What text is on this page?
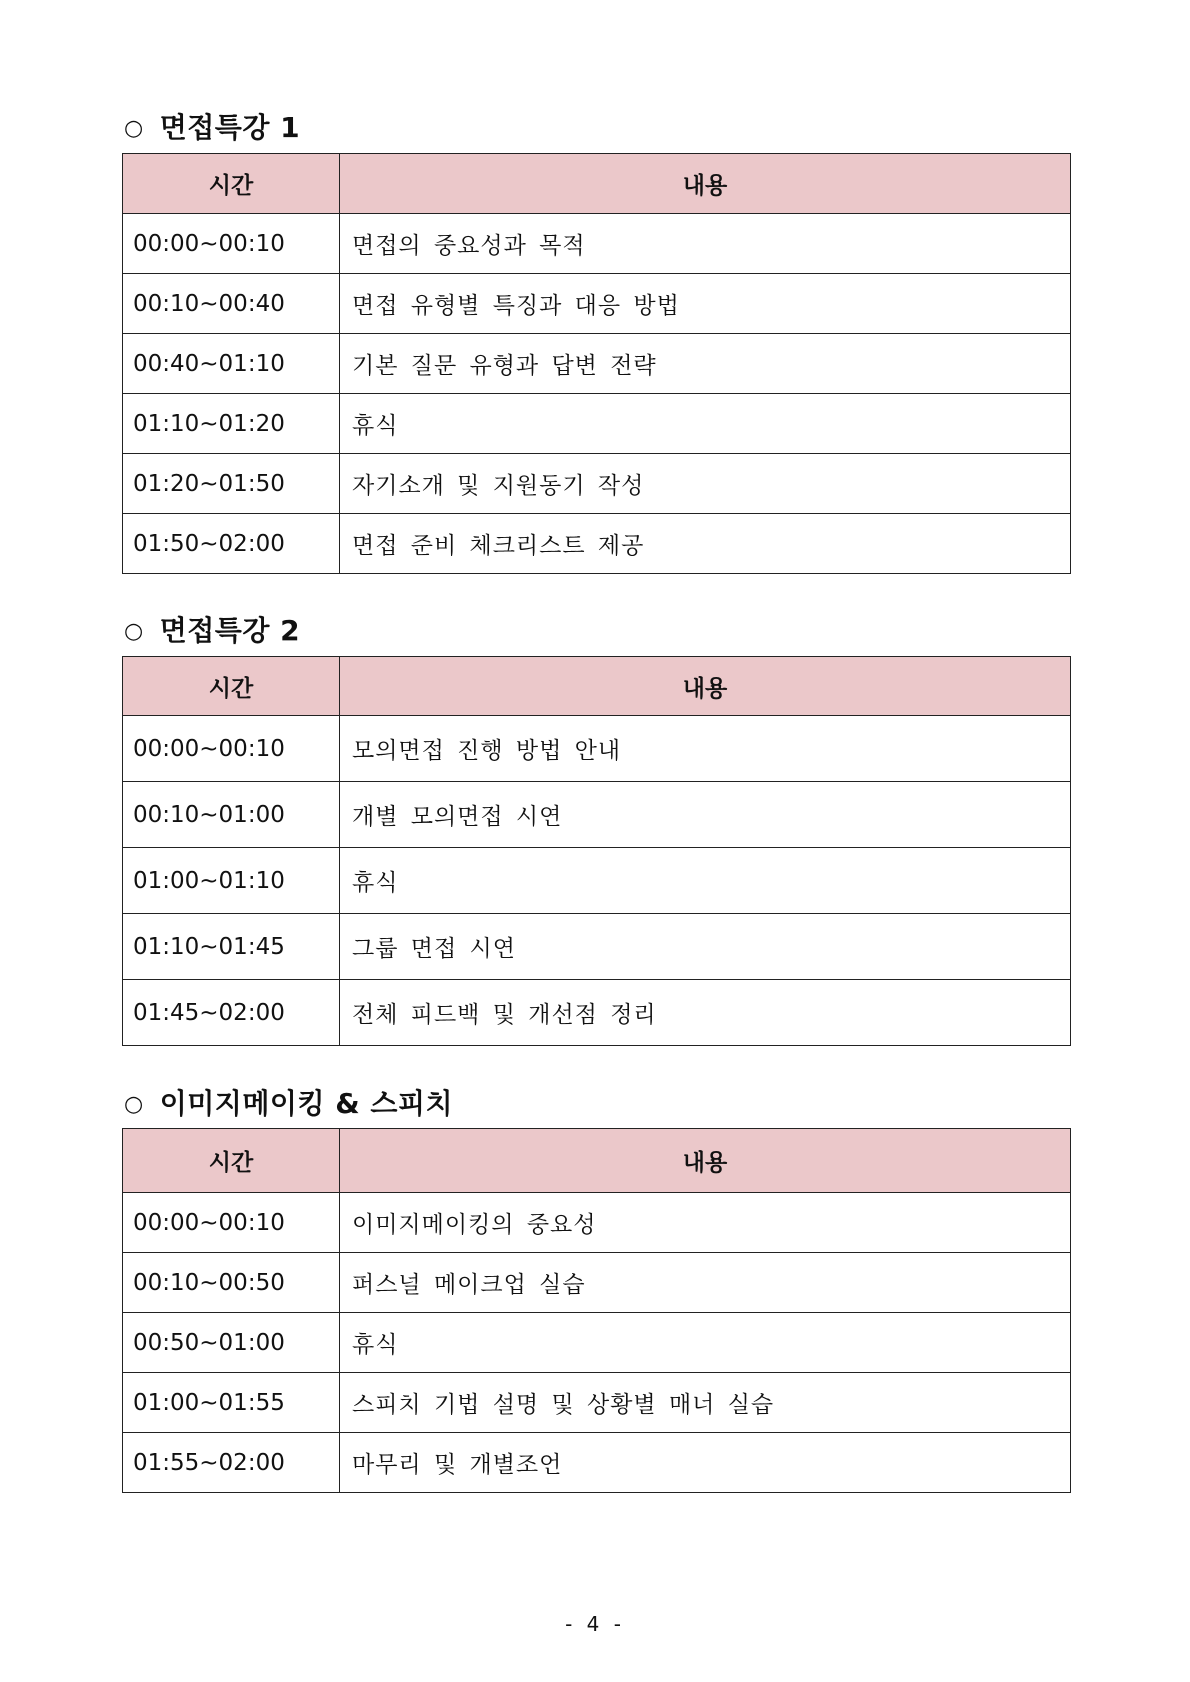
○ 면접특강 1
시간	내용
00:00~00:10	면접의 중요성과 목적
00:10~00:40	면접 유형별 특징과 대응 방법
00:40~01:10	기본 질문 유형과 답변 전략
01:10~01:20	휴식
01:20~01:50	자기소개 및 지원동기 작성
01:50~02:00	면접 준비 체크리스트 제공
○ 면접특강 2
시간	내용
00:00~00:10	모의면접 진행 방법 안내
00:10~01:00	개별 모의면접 시연
01:00~01:10	휴식
01:10~01:45	그룹 면접 시연
01:45~02:00	전체 피드백 및 개선점 정리
○ 이미지메이킹 & 스피치
시간	내용
00:00~00:10	이미지메이킹의 중요성
00:10~00:50	퍼스널 메이크업 실습
00:50~01:00	휴식
01:00~01:55	스피치 기법 설명 및 상황별 매너 실습
01:55~02:00	마무리 및 개별조언
- 4 -
